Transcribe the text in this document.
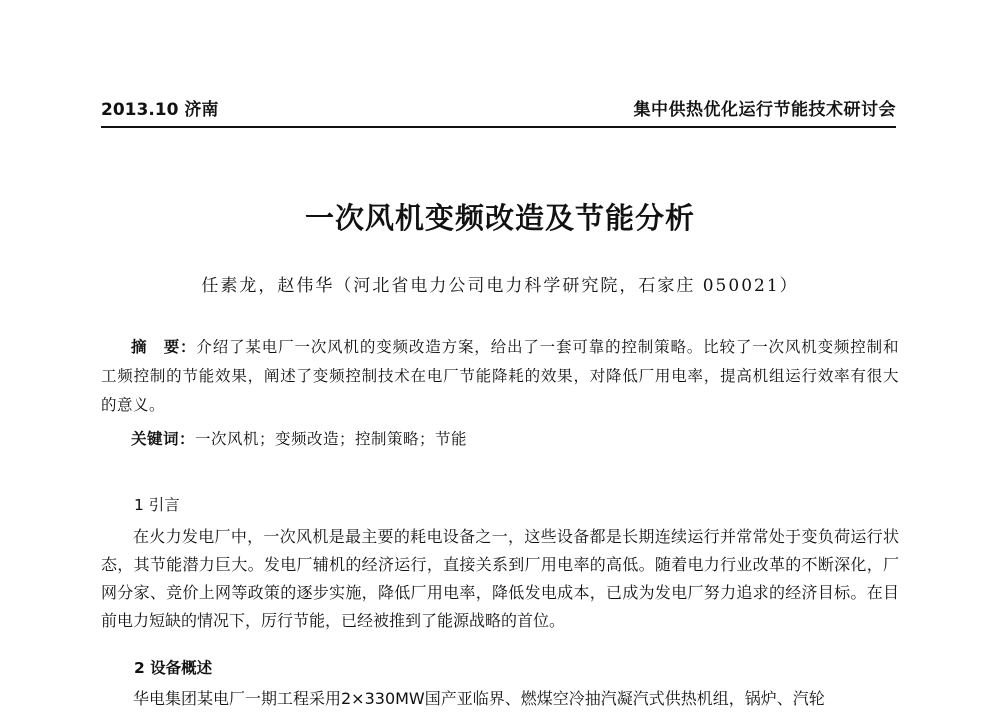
2013.10 济南	集中供热优化运行节能技术研讨会
一次风机变频改造及节能分析
任素龙，赵伟华（河北省电力公司电力科学研究院，石家庄 050021）
摘　要：介绍了某电厂一次风机的变频改造方案，给出了一套可靠的控制策略。比较了一次风机变频控制和工频控制的节能效果，阐述了变频控制技术在电厂节能降耗的效果，对降低厂用电率，提高机组运行效率有很大的意义。
关键词：一次风机；变频改造；控制策略；节能
1 引言
在火力发电厂中，一次风机是最主要的耗电设备之一，这些设备都是长期连续运行并常常处于变负荷运行状态，其节能潜力巨大。发电厂辅机的经济运行，直接关系到厂用电率的高低。随着电力行业改革的不断深化，厂网分家、竞价上网等政策的逐步实施，降低厂用电率，降低发电成本，已成为发电厂努力追求的经济目标。在目前电力短缺的情况下，厉行节能，已经被推到了能源战略的首位。
2 设备概述
华电集团某电厂一期工程采用2×330MW国产亚临界、燃煤空冷抽汽凝汽式供热机组，锅炉、汽轮
